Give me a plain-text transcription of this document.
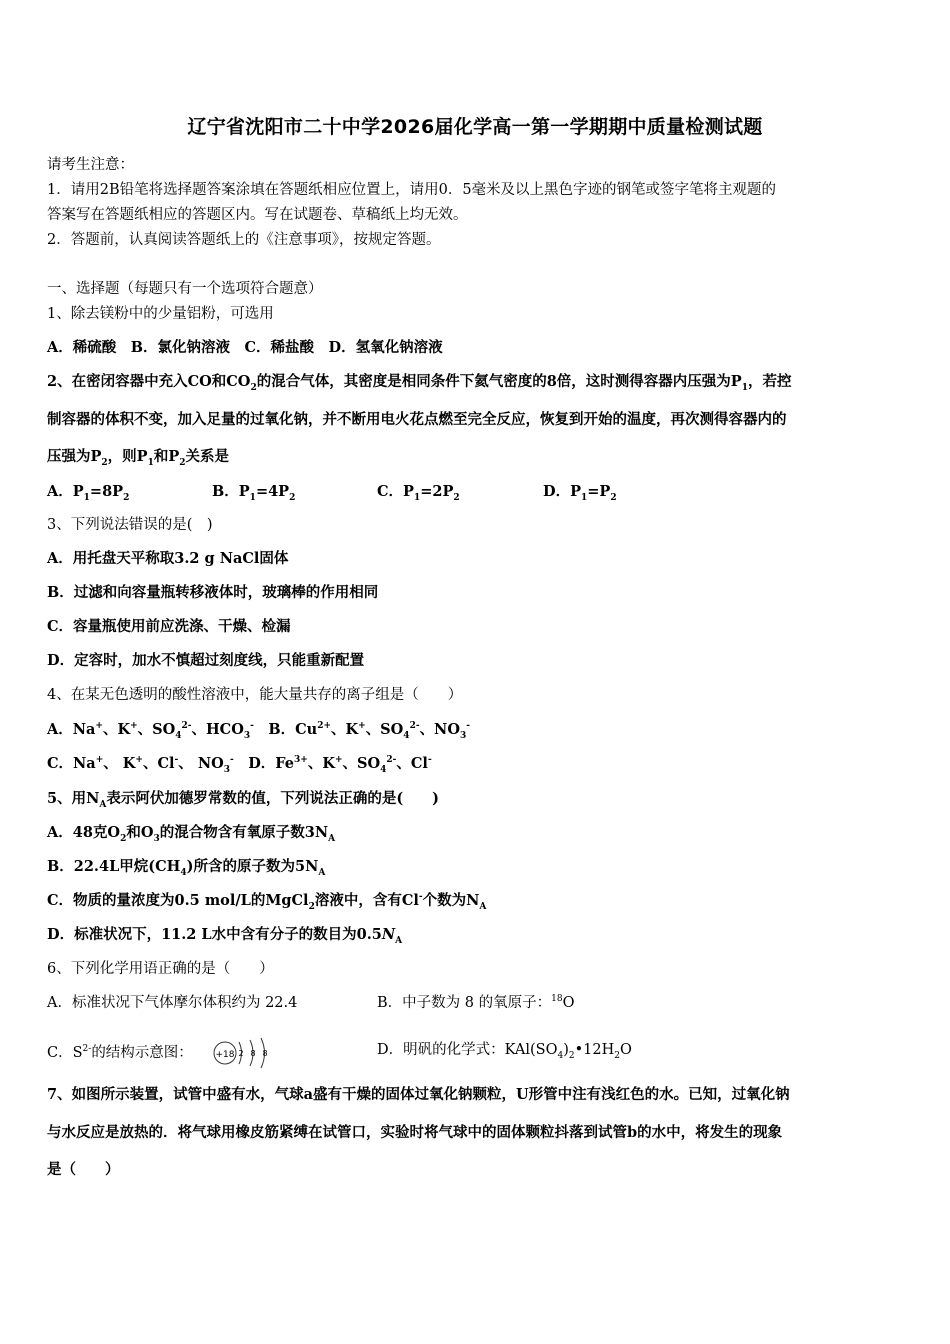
辽宁省沈阳市二十中学2026届化学高一第一学期期中质量检测试题
请考生注意：
1．请用2B铅笔将选择题答案涂填在答题纸相应位置上，请用0．5毫米及以上黑色字迹的钢笔或签字笔将主观题的
答案写在答题纸相应的答题区内。写在试题卷、草稿纸上均无效。
2．答题前，认真阅读答题纸上的《注意事项》，按规定答题。
一、选择题（每题只有一个选项符合题意）
1、除去镁粉中的少量铝粉，可选用
A．稀硫酸　B．氯化钠溶液　C．稀盐酸　D．氢氧化钠溶液
2、在密闭容器中充入CO和$CO_2$的混合气体，其密度是相同条件下氦气密度的8倍，这时测得容器内压强为$P_1$，若控
制容器的体积不变，加入足量的过氧化钠，并不断用电火花点燃至完全反应，恢复到开始的温度，再次测得容器内的
压强为$P_2$，则$P_1$和$P_2$关系是
A．$P_1=8P_2$	B．$P_1=4P_2$	C．$P_1=2P_2$	D．$P_1=P_2$
3、下列说法错误的是(　)
A．用托盘天平称取3.2 g NaCl固体
B．过滤和向容量瓶转移液体时，玻璃棒的作用相同
C．容量瓶使用前应洗涤、干燥、检漏
D．定容时，加水不慎超过刻度线，只能重新配置
4、在某无色透明的酸性溶液中，能大量共存的离子组是（　　）
A．Na+、K+、$SO_4^{2-}$、$HCO_3^-$　B．$Cu^{2+}$、K+、$SO_4^{2-}$、$NO_3^-$
C．Na+、 K+、Cl-、 $NO_3^-$　D．$Fe^{3+}$、K+、$SO_4^{2-}$、Cl-
5、用$N_A$表示阿伏加德罗常数的值，下列说法正确的是(　　)
A．48克$O_2$和$O_3$的混合物含有氧原子数$3N_A$
B．22.4L甲烷$(CH_4)$所含的原子数为$5N_A$
C．物质的量浓度为0.5 mol/L的MgCl$_2$溶液中，含有Cl-个数为$N_A$
D．标准状况下，11.2 L水中含有分子的数目为$0.5N_A$
6、下列化学用语正确的是（　　）
A．标准状况下气体摩尔体积约为 22.4	B．中子数为 8 的氧原子：$^{18}$O
C．$S^{2-}$的结构示意图：	+18 2 8 8	D．明矾的化学式：$KAl(SO_4)_2•12H_2O$
7、如图所示装置，试管中盛有水，气球a盛有干燥的固体过氧化钠颗粒，U形管中注有浅红色的水。已知，过氧化钠
与水反应是放热的．将气球用橡皮筋紧缚在试管口，实验时将气球中的固体颗粒抖落到试管b的水中，将发生的现象
是（　　）
